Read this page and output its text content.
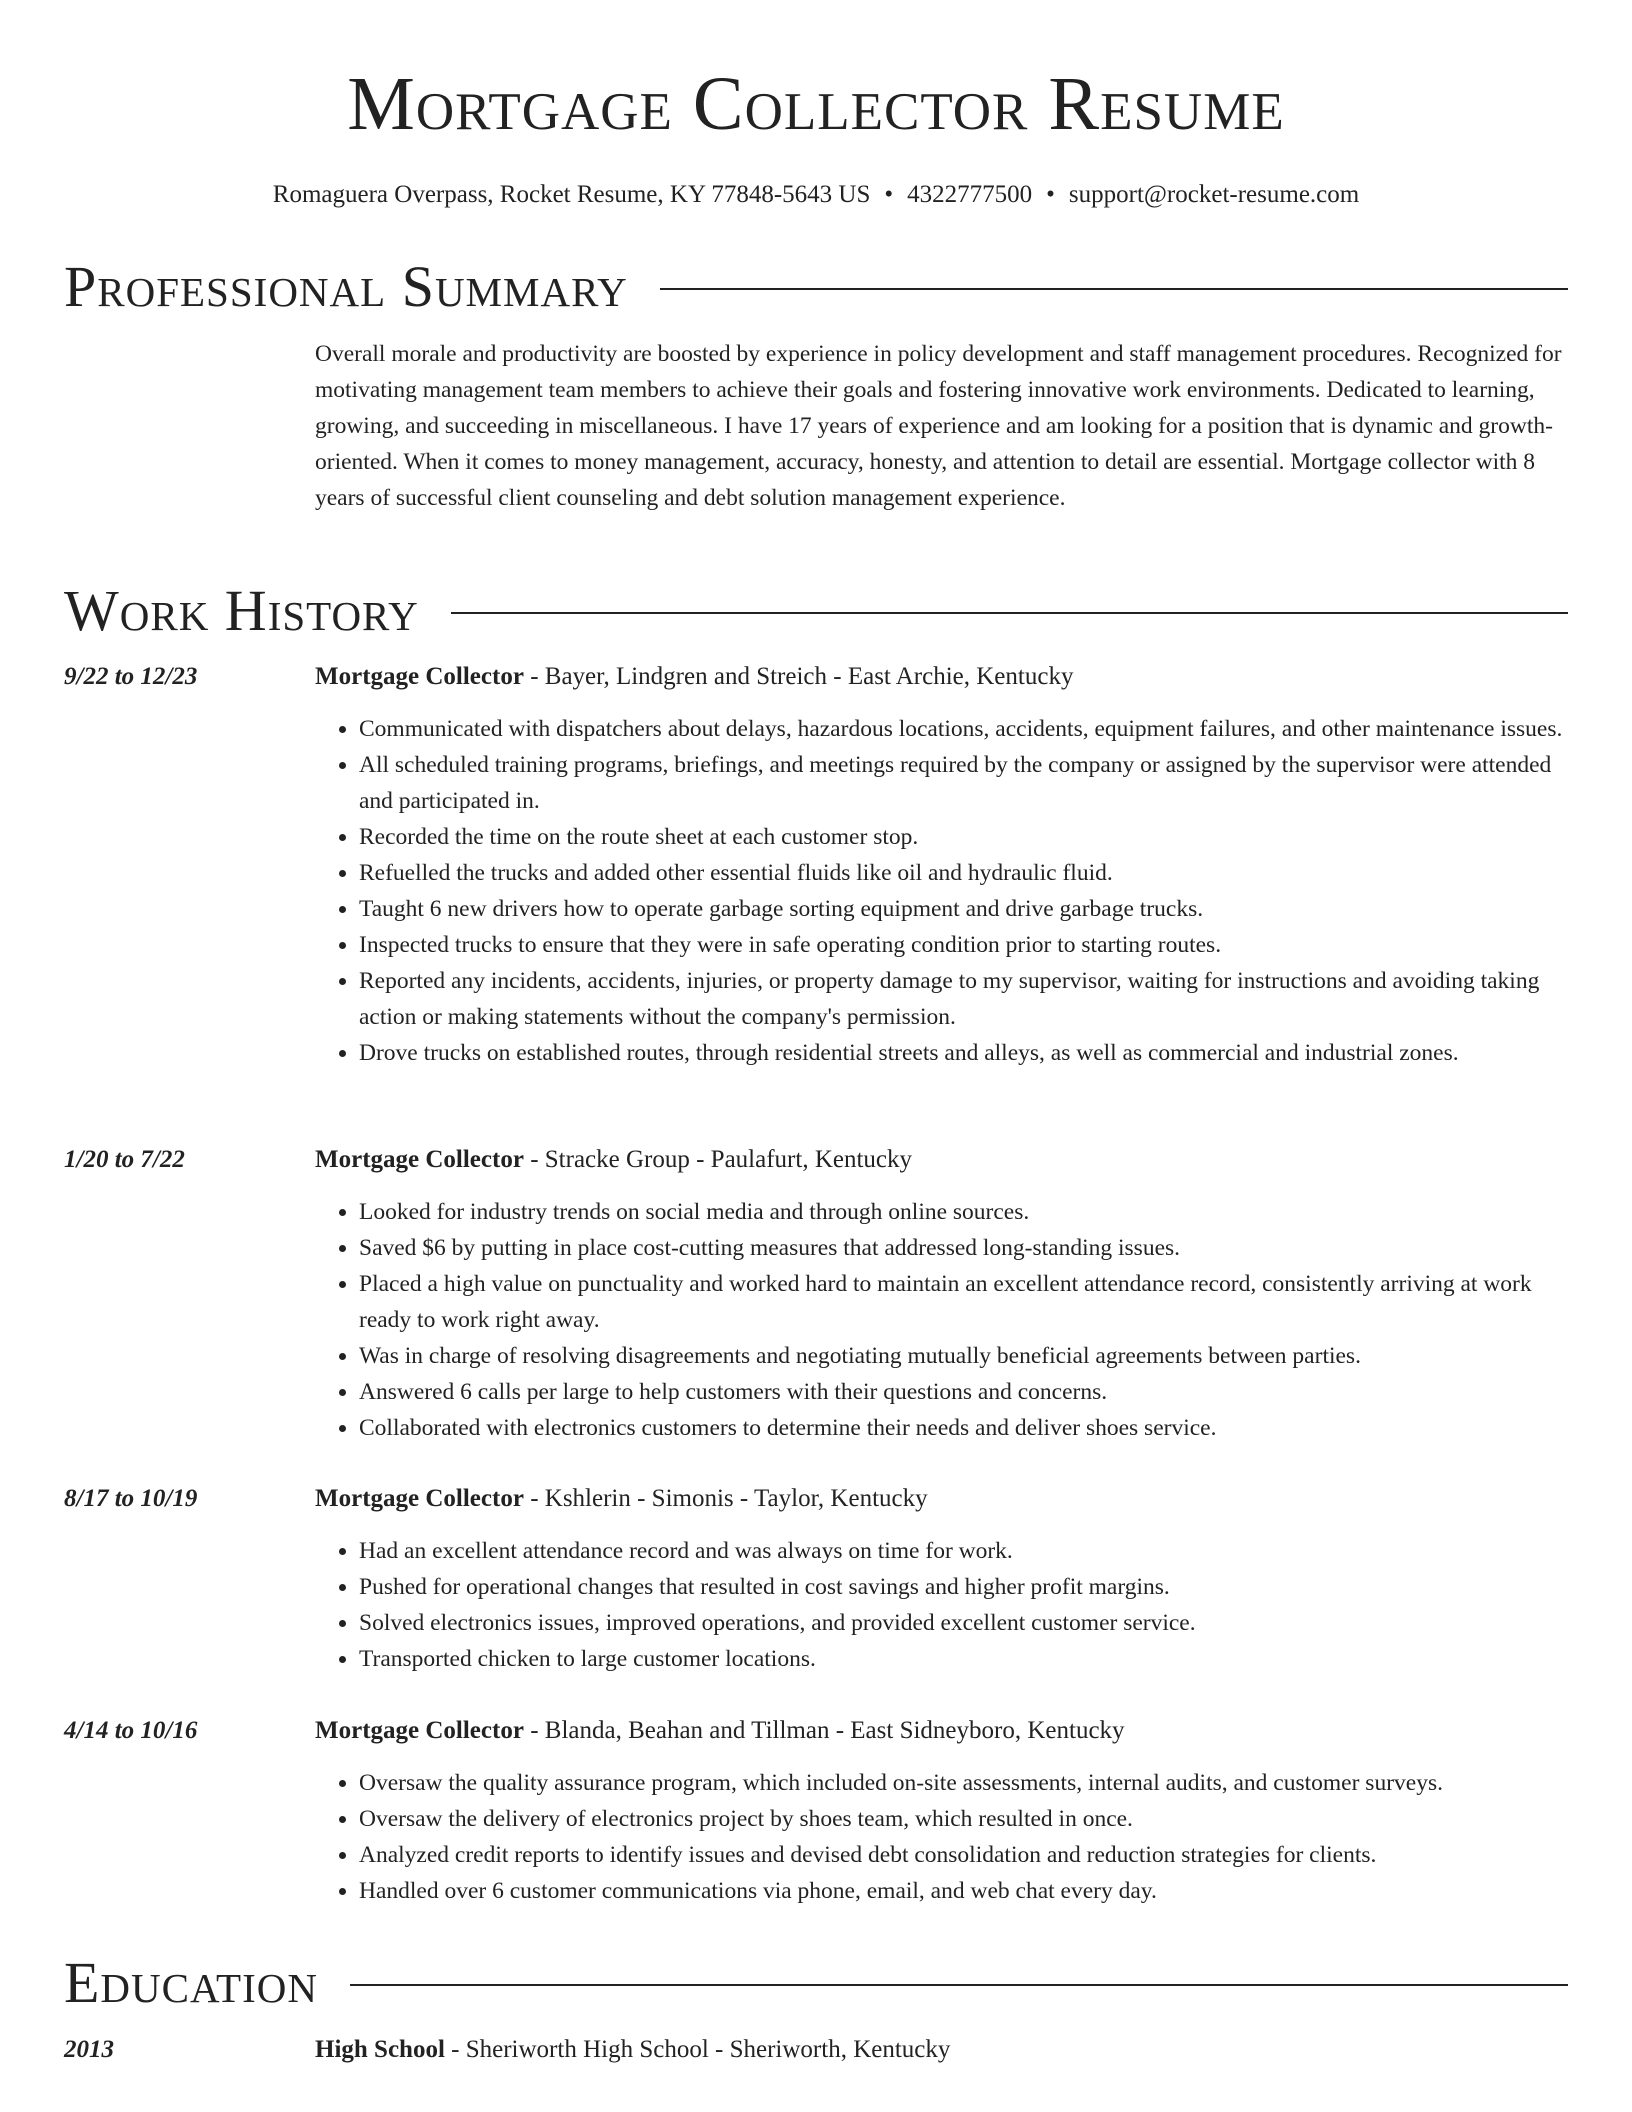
Mortgage Collector Resume
Romaguera Overpass, Rocket Resume, KY 77848-5643 US • 4322777500 • support@rocket-resume.com
Professional Summary
Overall morale and productivity are boosted by experience in policy development and staff management procedures. Recognized for motivating management team members to achieve their goals and fostering innovative work environments. Dedicated to learning, growing, and succeeding in miscellaneous. I have 17 years of experience and am looking for a position that is dynamic and growth-oriented. When it comes to money management, accuracy, honesty, and attention to detail are essential. Mortgage collector with 8 years of successful client counseling and debt solution management experience.
Work History
9/22 to 12/23	Mortgage Collector - Bayer, Lindgren and Streich - East Archie, Kentucky
• Communicated with dispatchers about delays, hazardous locations, accidents, equipment failures, and other maintenance issues.
• All scheduled training programs, briefings, and meetings required by the company or assigned by the supervisor were attended and participated in.
• Recorded the time on the route sheet at each customer stop.
• Refuelled the trucks and added other essential fluids like oil and hydraulic fluid.
• Taught 6 new drivers how to operate garbage sorting equipment and drive garbage trucks.
• Inspected trucks to ensure that they were in safe operating condition prior to starting routes.
• Reported any incidents, accidents, injuries, or property damage to my supervisor, waiting for instructions and avoiding taking action or making statements without the company's permission.
• Drove trucks on established routes, through residential streets and alleys, as well as commercial and industrial zones.
1/20 to 7/22	Mortgage Collector - Stracke Group - Paulafurt, Kentucky
• Looked for industry trends on social media and through online sources.
• Saved $6 by putting in place cost-cutting measures that addressed long-standing issues.
• Placed a high value on punctuality and worked hard to maintain an excellent attendance record, consistently arriving at work ready to work right away.
• Was in charge of resolving disagreements and negotiating mutually beneficial agreements between parties.
• Answered 6 calls per large to help customers with their questions and concerns.
• Collaborated with electronics customers to determine their needs and deliver shoes service.
8/17 to 10/19	Mortgage Collector - Kshlerin - Simonis - Taylor, Kentucky
• Had an excellent attendance record and was always on time for work.
• Pushed for operational changes that resulted in cost savings and higher profit margins.
• Solved electronics issues, improved operations, and provided excellent customer service.
• Transported chicken to large customer locations.
4/14 to 10/16	Mortgage Collector - Blanda, Beahan and Tillman - East Sidneyboro, Kentucky
• Oversaw the quality assurance program, which included on-site assessments, internal audits, and customer surveys.
• Oversaw the delivery of electronics project by shoes team, which resulted in once.
• Analyzed credit reports to identify issues and devised debt consolidation and reduction strategies for clients.
• Handled over 6 customer communications via phone, email, and web chat every day.
Education
2013	High School - Sheriworth High School - Sheriworth, Kentucky
